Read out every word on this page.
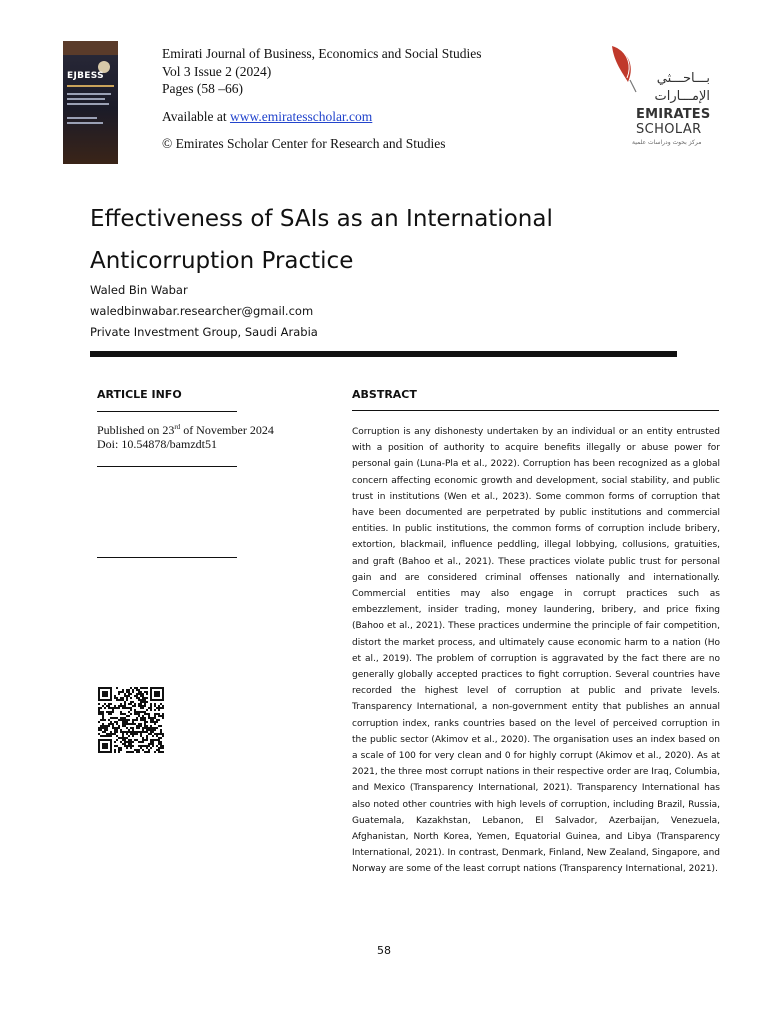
EJBESS
Emirati Journal of Business, Economics and Social Studies
Vol 3 Issue 2 (2024)
Pages (58 –66)
Available at www.emiratesscholar.com
© Emirates Scholar Center for Research and Studies
بـــاحـــثي
الإمـــارات
EMIRATES
SCHOLAR
مركز بحوث ودراسات علمية
Effectiveness of SAIs as an International
Anticorruption Practice
Waled Bin Wabar
waledbinwabar.researcher@gmail.com
Private Investment Group, Saudi Arabia
ARTICLE INFO
Published on 23rd of November 2024
Doi: 10.54878/bamzdt51
ABSTRACT

Corruption is any dishonesty undertaken by an individual or an entity entrusted with a position of authority to acquire benefits illegally or abuse power for personal gain (Luna-Pla et al., 2022). Corruption has been recognized as a global concern affecting economic growth and development, social stability, and public trust in institutions (Wen et al., 2023). Some common forms of corruption that have been documented are perpetrated by public institutions and commercial entities. In public institutions, the common forms of corruption include bribery, extortion, blackmail, influence peddling, illegal lobbying, collusions, gratuities, and graft (Bahoo et al., 2021). These practices violate public trust for personal gain and are considered criminal offenses nationally and internationally. Commercial entities may also engage in corrupt practices such as embezzlement, insider trading, money laundering, bribery, and price fixing (Bahoo et al., 2021). These practices undermine the principle of fair competition, distort the market process, and ultimately cause economic harm to a nation (Ho et al., 2019). The problem of corruption is aggravated by the fact there are no generally globally accepted practices to fight corruption. Several countries have recorded the highest level of corruption at public and private levels. Transparency International, a non-government entity that publishes an annual corruption index, ranks countries based on the level of perceived corruption in the public sector (Akimov et al., 2020). The organisation uses an index based on a scale of 100 for very clean and 0 for highly corrupt (Akimov et al., 2020). As at 2021, the three most corrupt nations in their respective order are Iraq, Columbia, and Mexico (Transparency International, 2021). Transparency International has also noted other countries with high levels of corruption, including Brazil, Russia, Guatemala, Kazakhstan, Lebanon, El Salvador, Azerbaijan, Venezuela, Afghanistan, North Korea, Yemen, Equatorial Guinea, and Libya (Transparency International, 2021). In contrast, Denmark, Finland, New Zealand, Singapore, and Norway are some of the least corrupt nations (Transparency International, 2021).

58
